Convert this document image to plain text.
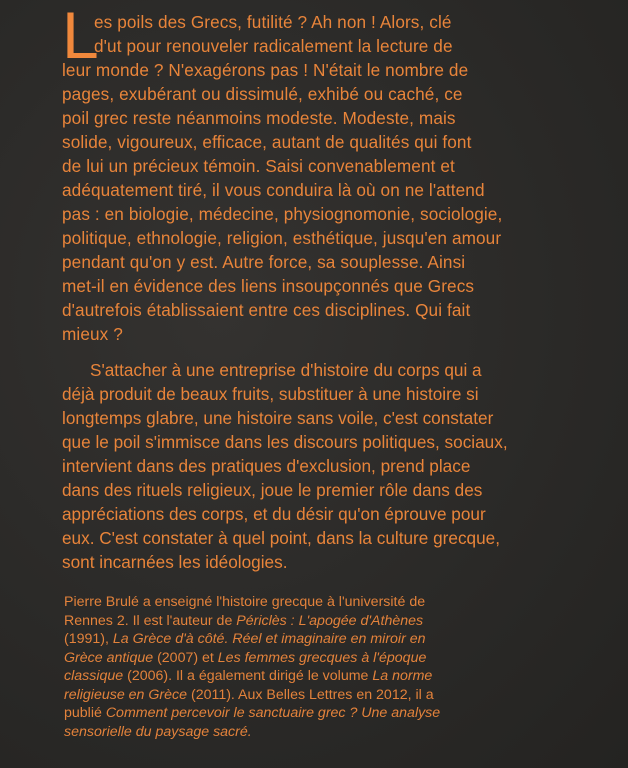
L
es poils des Grecs, futilité ? Ah non ! Alors, clé
d'ut pour renouveler radicalement la lecture de
leur monde ? N'exagérons pas ! N'était le nombre de
pages, exubérant ou dissimulé, exhibé ou caché, ce
poil grec reste néanmoins modeste. Modeste, mais
solide, vigoureux, efficace, autant de qualités qui font
de lui un précieux témoin. Saisi convenablement et
adéquatement tiré, il vous conduira là où on ne l'attend
pas : en biologie, médecine, physiognomonie, sociologie,
politique, ethnologie, religion, esthétique, jusqu'en amour
pendant qu'on y est. Autre force, sa souplesse. Ainsi
met-il en évidence des liens insoupçonnés que Grecs
d'autrefois établissaient entre ces disciplines. Qui fait
mieux ?
S'attacher à une entreprise d'histoire du corps qui a
déjà produit de beaux fruits, substituer à une histoire si
longtemps glabre, une histoire sans voile, c'est constater
que le poil s'immisce dans les discours politiques, sociaux,
intervient dans des pratiques d'exclusion, prend place
dans des rituels religieux, joue le premier rôle dans des
appréciations des corps, et du désir qu'on éprouve pour
eux. C'est constater à quel point, dans la culture grecque,
sont incarnées les idéologies.
Pierre Brulé a enseigné l'histoire grecque à l'université de
Rennes 2. Il est l'auteur de Périclès : L'apogée d'Athènes
(1991), La Grèce d'à côté. Réel et imaginaire en miroir en
Grèce antique (2007) et Les femmes grecques à l'époque
classique (2006). Il a également dirigé le volume La norme
religieuse en Grèce (2011). Aux Belles Lettres en 2012, il a
publié Comment percevoir le sanctuaire grec ? Une analyse
sensorielle du paysage sacré.
